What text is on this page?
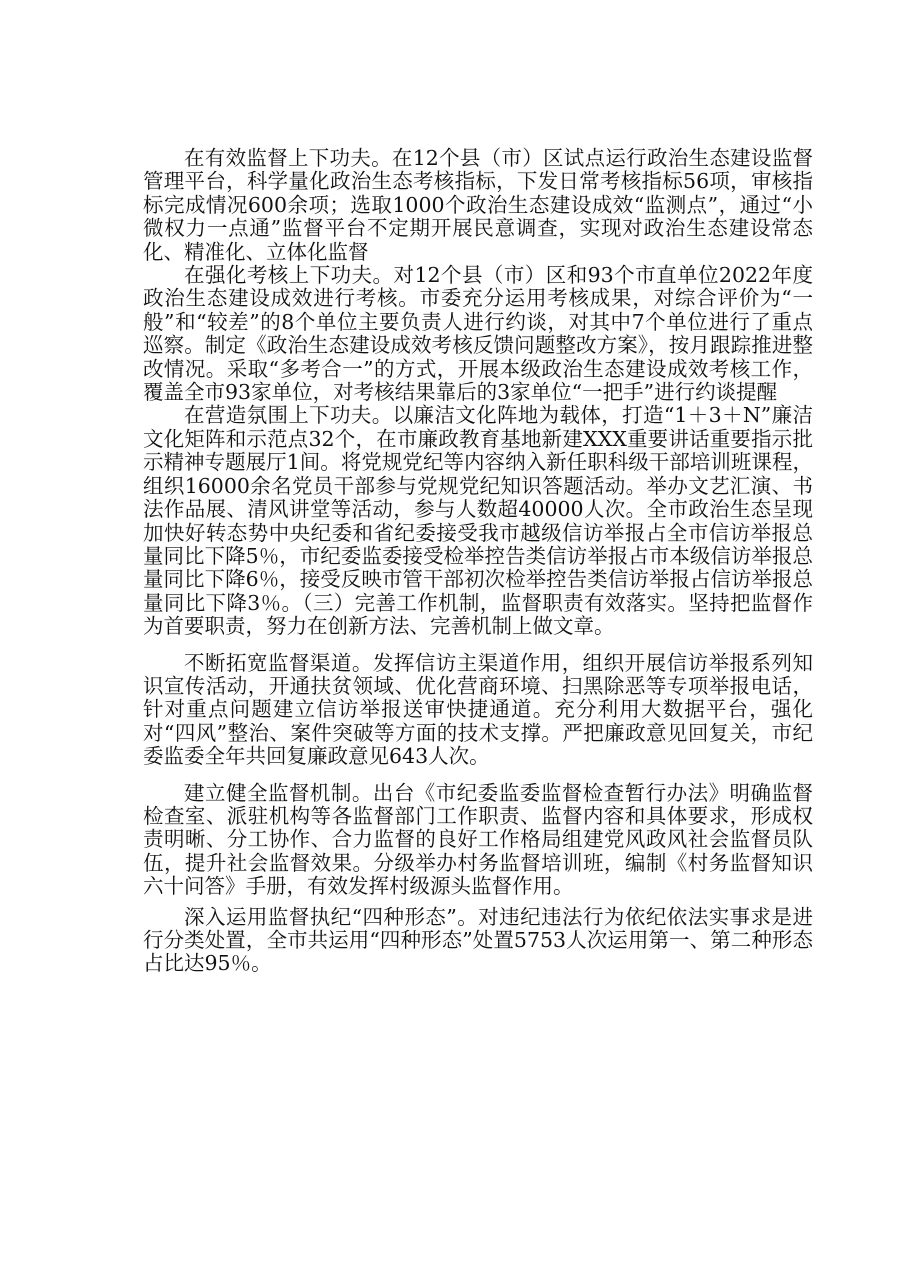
在有效监督上下功夫。在12个县（市）区试点运行政治生态建设监督管理平台，科学量化政治生态考核指标，下发日常考核指标56项，审核指标完成情况600余项；选取1000个政治生态建设成效“监测点”，通过“小微权力一点通”监督平台不定期开展民意调查，实现对政治生态建设常态化、精准化、立体化监督

在强化考核上下功夫。对12个县（市）区和93个市直单位2022年度政治生态建设成效进行考核。市委充分运用考核成果，对综合评价为“一般”和“较差”的8个单位主要负责人进行约谈，对其中7个单位进行了重点巡察。制定《政治生态建设成效考核反馈问题整改方案》，按月跟踪推进整改情况。采取“多考合一”的方式，开展本级政治生态建设成效考核工作，覆盖全市93家单位，对考核结果靠后的3家单位“一把手”进行约谈提醒

在营造氛围上下功夫。以廉洁文化阵地为载体，打造“1＋3＋N”廉洁文化矩阵和示范点32个，在市廉政教育基地新建XXX重要讲话重要指示批示精神专题展厅1间。将党规党纪等内容纳入新任职科级干部培训班课程，组织16000余名党员干部参与党规党纪知识答题活动。举办文艺汇演、书法作品展、清风讲堂等活动，参与人数超40000人次。全市政治生态呈现加快好转态势中央纪委和省纪委接受我市越级信访举报占全市信访举报总量同比下降5％，市纪委监委接受检举控告类信访举报占市本级信访举报总量同比下降6％，接受反映市管干部初次检举控告类信访举报占信访举报总量同比下降3％。（三）完善工作机制，监督职责有效落实。坚持把监督作为首要职责，努力在创新方法、完善机制上做文章。

不断拓宽监督渠道。发挥信访主渠道作用，组织开展信访举报系列知识宣传活动，开通扶贫领域、优化营商环境、扫黑除恶等专项举报电话，针对重点问题建立信访举报送审快捷通道。充分利用大数据平台，强化对“四风”整治、案件突破等方面的技术支撑。严把廉政意见回复关，市纪委监委全年共回复廉政意见643人次。

建立健全监督机制。出台《市纪委监委监督检查暂行办法》明确监督检查室、派驻机构等各监督部门工作职责、监督内容和具体要求，形成权责明晰、分工协作、合力监督的良好工作格局组建党风政风社会监督员队伍，提升社会监督效果。分级举办村务监督培训班，编制《村务监督知识六十问答》手册，有效发挥村级源头监督作用。

深入运用监督执纪“四种形态”。对违纪违法行为依纪依法实事求是进行分类处置，全市共运用“四种形态”处置5753人次运用第一、第二种形态占比达95％。
